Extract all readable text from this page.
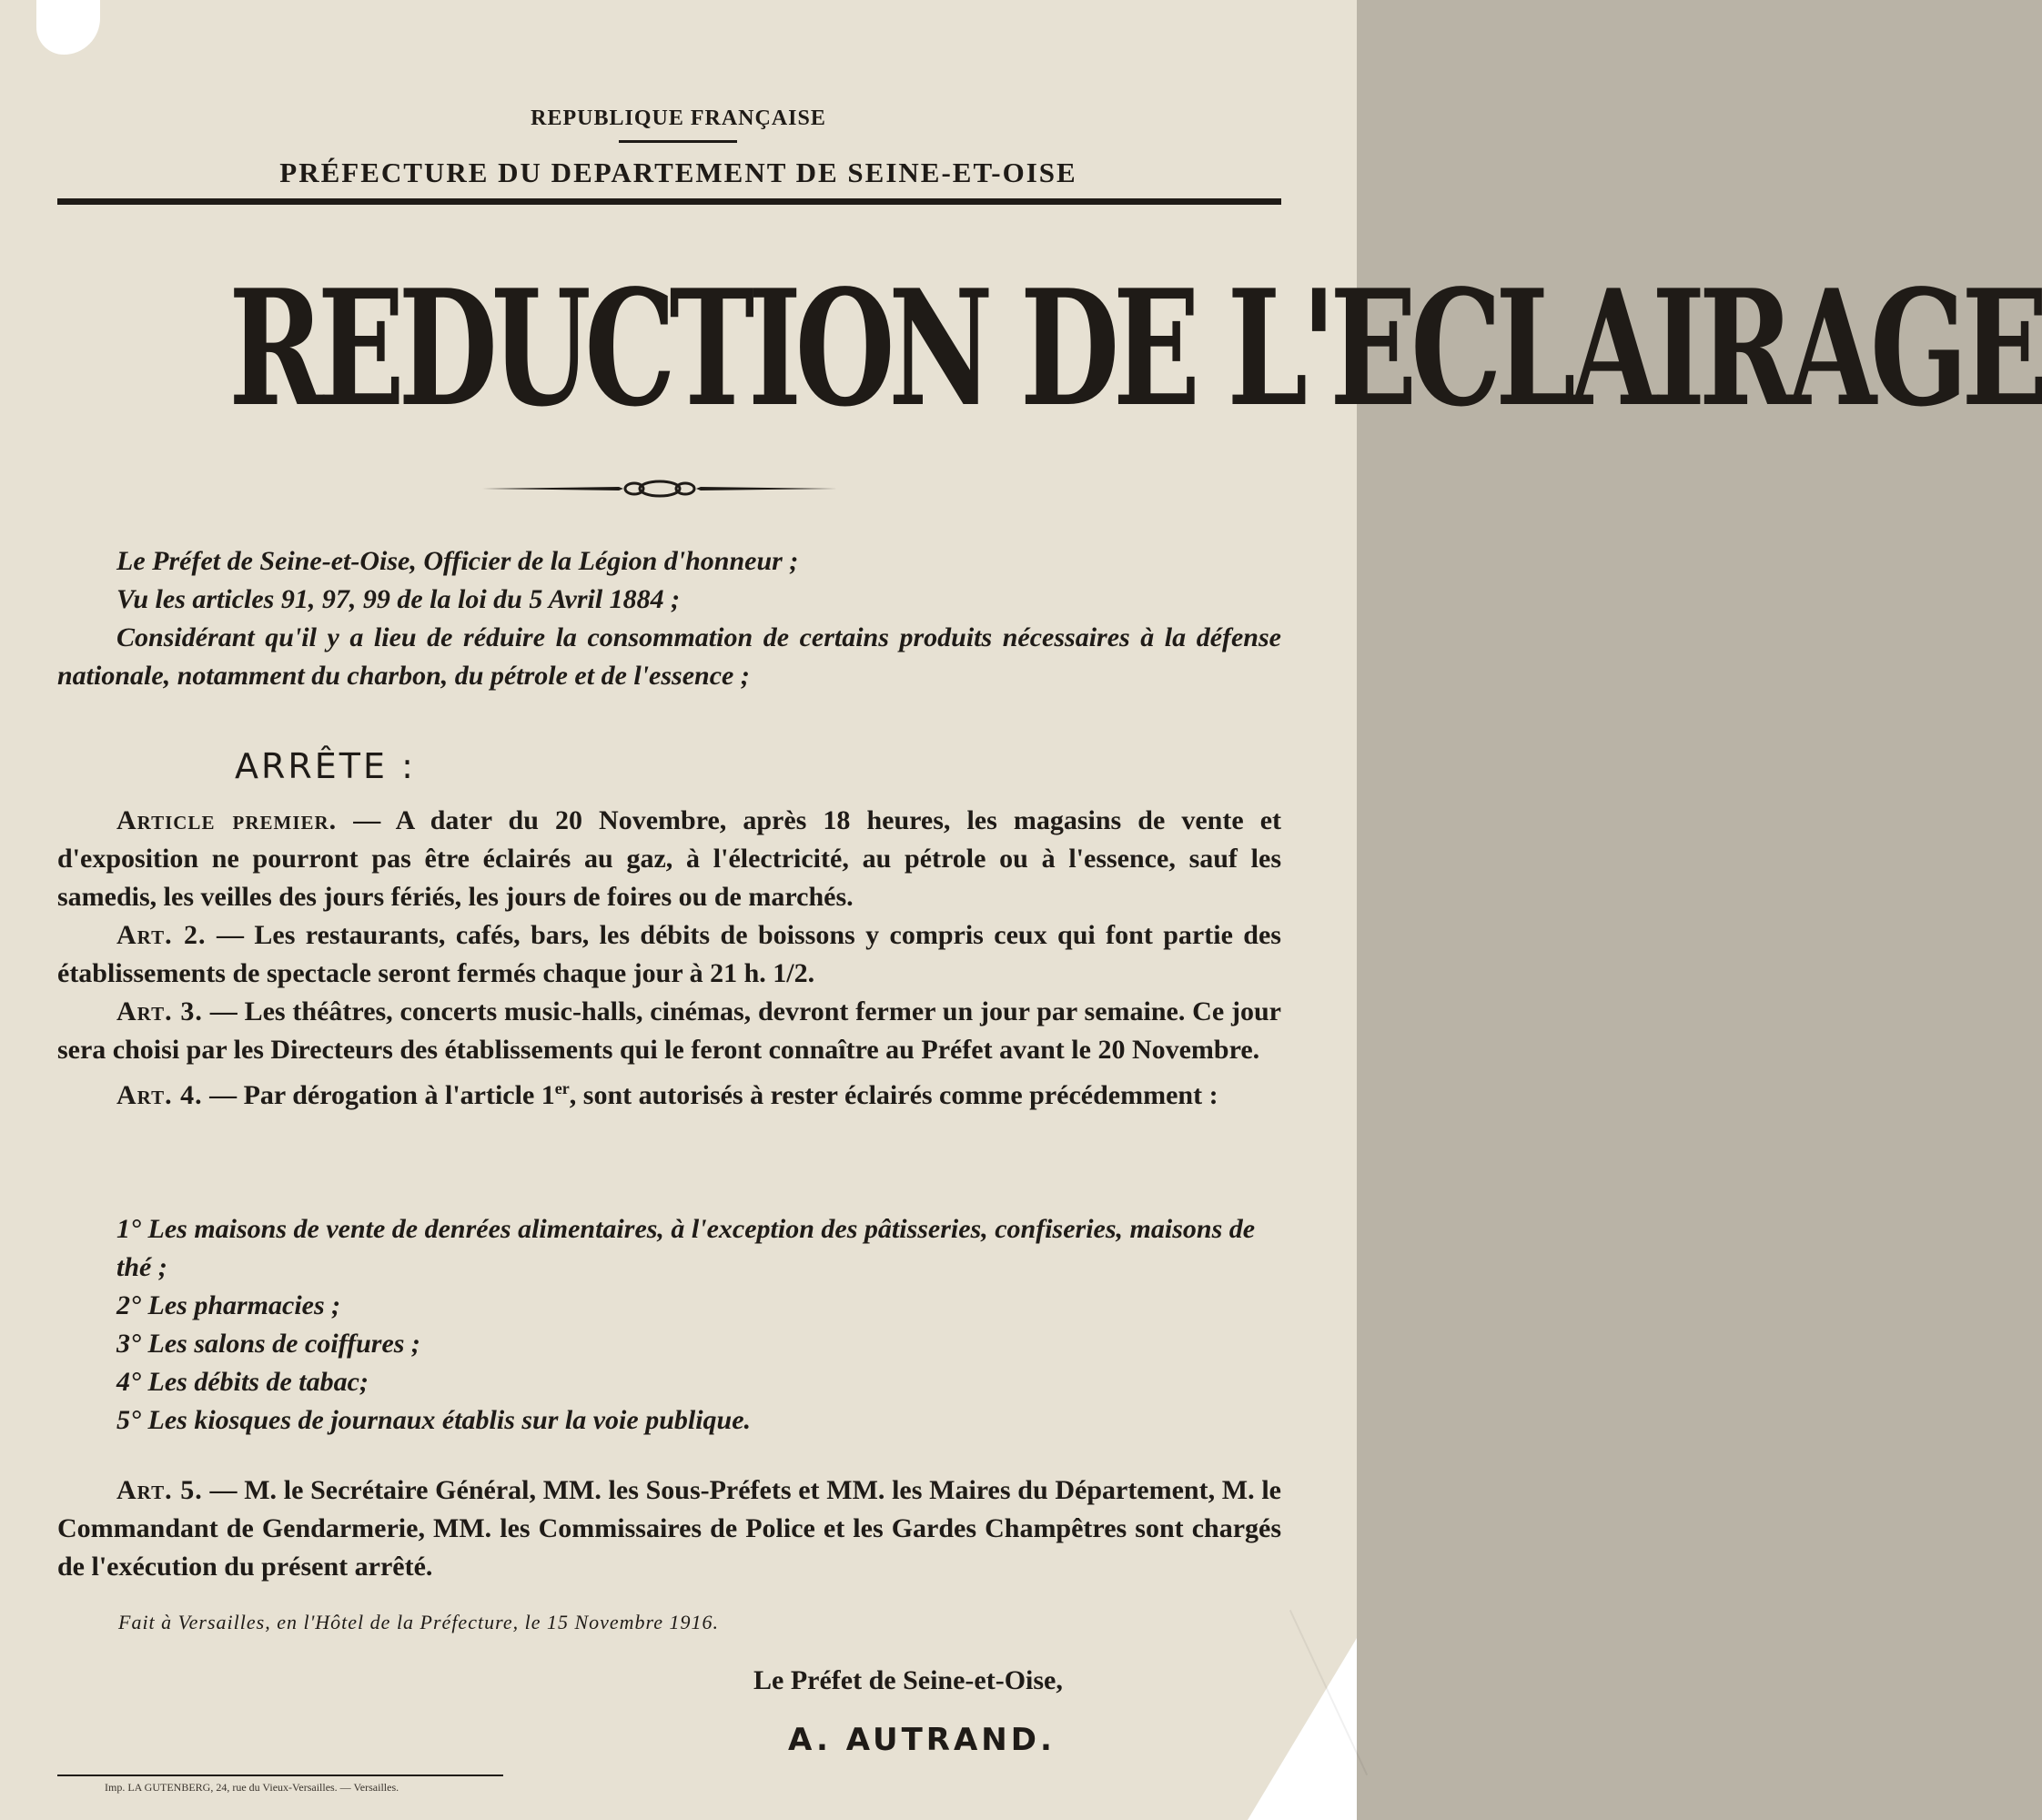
REPUBLIQUE FRANÇAISE
PRÉFECTURE DU DEPARTEMENT DE SEINE-ET-OISE
REDUCTION DE L'ECLAIRAGE

Le Préfet de Seine-et-Oise, Officier de la Légion d'honneur ;

Vu les articles 91, 97, 99 de la loi du 5 Avril 1884 ;

Considérant qu'il y a lieu de réduire la consommation de certains produits nécessaires à la défense nationale, notamment du charbon, du pétrole et de l'essence ;

ARRÊTE :

Article premier. — A dater du 20 Novembre, après 18 heures, les magasins de vente et d'exposition ne pourront pas être éclairés au gaz, à l'électricité, au pétrole ou à l'essence, sauf les samedis, les veilles des jours fériés, les jours de foires ou de marchés.

Art. 2. — Les restaurants, cafés, bars, les débits de boissons y compris ceux qui font partie des établissements de spectacle seront fermés chaque jour à 21 h. 1/2.

Art. 3. — Les théâtres, concerts music-halls, cinémas, devront fermer un jour par semaine. Ce jour sera choisi par les Directeurs des établissements qui le feront connaître au Préfet avant le 20 Novembre.

Art. 4. — Par dérogation à l'article 1er, sont autorisés à rester éclairés comme précédemment :

1° Les maisons de vente de denrées alimentaires, à l'exception des pâtisseries, confiseries, maisons de thé ;

2° Les pharmacies ;

3° Les salons de coiffures ;

4° Les débits de tabac;

5° Les kiosques de journaux établis sur la voie publique.

Art. 5. — M. le Secrétaire Général, MM. les Sous-Préfets et MM. les Maires du Département, M. le Commandant de Gendarmerie, MM. les Commissaires de Police et les Gardes Champêtres sont chargés de l'exécution du présent arrêté.

Fait à Versailles, en l'Hôtel de la Préfecture, le 15 Novembre 1916.
Le Préfet de Seine-et-Oise,
A. AUTRAND.
Imp. LA GUTENBERG, 24, rue du Vieux-Versailles. — Versailles.
